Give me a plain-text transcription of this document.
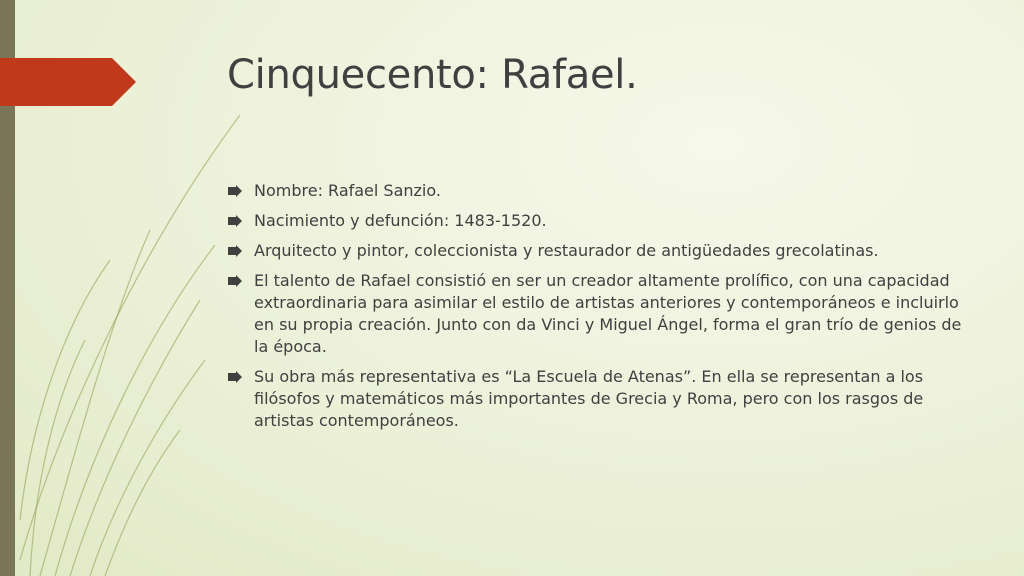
Cinquecento: Rafael.
Nombre: Rafael Sanzio.
Nacimiento y defunción: 1483-1520.
Arquitecto y pintor, coleccionista y restaurador de antigüedades grecolatinas.
El talento de Rafael consistió en ser un creador altamente prolífico, con una capacidad extraordinaria para asimilar el estilo de artistas anteriores y contemporáneos e incluirlo en su propia creación. Junto con da Vinci y Miguel Ángel, forma el gran trío de genios de la época.
Su obra más representativa es “La Escuela de Atenas”. En ella se representan a los filósofos y matemáticos más importantes de Grecia y Roma, pero con los rasgos de artistas contemporáneos.
